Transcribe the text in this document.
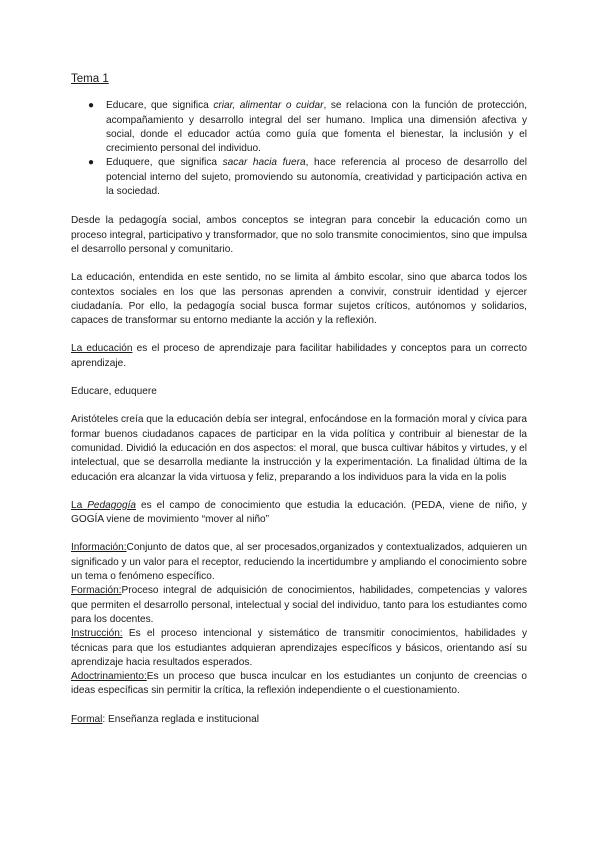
Tema 1
● Educare, que significa criar, alimentar o cuidar, se relaciona con la función de protección, acompañamiento y desarrollo integral del ser humano. Implica una dimensión afectiva y social, donde el educador actúa como guía que fomenta el bienestar, la inclusión y el crecimiento personal del individuo.
● Eduquere, que significa sacar hacia fuera, hace referencia al proceso de desarrollo del potencial interno del sujeto, promoviendo su autonomía, creatividad y participación activa en la sociedad.

Desde la pedagogía social, ambos conceptos se integran para concebir la educación como un proceso integral, participativo y transformador, que no solo transmite conocimientos, sino que impulsa el desarrollo personal y comunitario.

La educación, entendida en este sentido, no se limita al ámbito escolar, sino que abarca todos los contextos sociales en los que las personas aprenden a convivir, construir identidad y ejercer ciudadanía. Por ello, la pedagogía social busca formar sujetos críticos, autónomos y solidarios, capaces de transformar su entorno mediante la acción y la reflexión.

La educación es el proceso de aprendizaje para facilitar habilidades y conceptos para un correcto aprendizaje.

Educare, eduquere

Aristóteles creía que la educación debía ser integral, enfocándose en la formación moral y cívica para formar buenos ciudadanos capaces de participar en la vida política y contribuir al bienestar de la comunidad. Dividió la educación en dos aspectos: el moral, que busca cultivar hábitos y virtudes, y el intelectual, que se desarrolla mediante la instrucción y la experimentación. La finalidad última de la educación era alcanzar la vida virtuosa y feliz, preparando a los individuos para la vida en la polis

La Pedagogía es el campo de conocimiento que estudia la educación. (PEDA, viene de niño, y GOGÍA viene de movimiento “mover al niño”

Información:Conjunto de datos que, al ser procesados,organizados y contextualizados, adquieren un significado y un valor para el receptor, reduciendo la incertidumbre y ampliando el conocimiento sobre un tema o fenómeno específico.

Formación:Proceso integral de adquisición de conocimientos, habilidades, competencias y valores que permiten el desarrollo personal, intelectual y social del individuo, tanto para los estudiantes como para los docentes.

Instrucción: Es el proceso intencional y sistemático de transmitir conocimientos, habilidades y técnicas para que los estudiantes adquieran aprendizajes específicos y básicos, orientando así su aprendizaje hacia resultados esperados.

Adoctrinamiento:Es un proceso que busca inculcar en los estudiantes un conjunto de creencias o ideas específicas sin permitir la crítica, la reflexión independiente o el cuestionamiento.

Formal: Enseñanza reglada e institucional
